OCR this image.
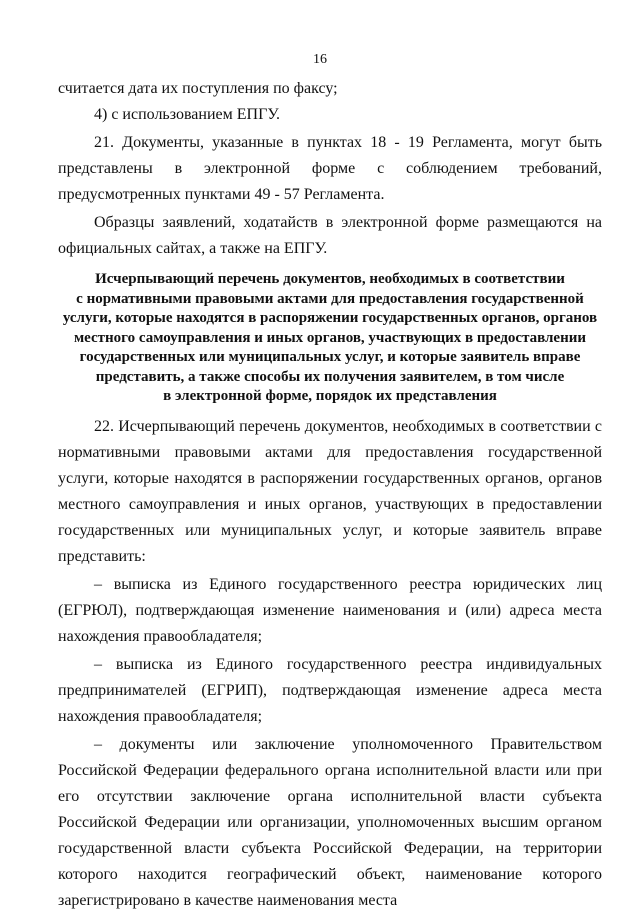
16

считается дата их поступления по факсу;

4) с использованием ЕПГУ.

21. Документы, указанные в пунктах 18 - 19 Регламента, могут быть представлены в электронной форме с соблюдением требований, предусмотренных пунктами 49 - 57 Регламента.

Образцы заявлений, ходатайств в электронной форме размещаются на официальных сайтах, а также на ЕПГУ.

Исчерпывающий перечень документов, необходимых в соответствии
с нормативными правовыми актами для предоставления государственной
услуги, которые находятся в распоряжении государственных органов, органов
местного самоуправления и иных органов, участвующих в предоставлении
государственных или муниципальных услуг, и которые заявитель вправе
представить, а также способы их получения заявителем, в том числе
в электронной форме, порядок их представления

22. Исчерпывающий перечень документов, необходимых в соответствии с нормативными правовыми актами для предоставления государственной услуги, которые находятся в распоряжении государственных органов, органов местного самоуправления и иных органов, участвующих в предоставлении государственных или муниципальных услуг, и которые заявитель вправе представить:

– выписка из Единого государственного реестра юридических лиц (ЕГРЮЛ), подтверждающая изменение наименования и (или) адреса места нахождения правообладателя;

– выписка из Единого государственного реестра индивидуальных предпринимателей (ЕГРИП), подтверждающая изменение адреса места нахождения правообладателя;

– документы или заключение уполномоченного Правительством Российской Федерации федерального органа исполнительной власти или при его отсутствии заключение органа исполнительной власти субъекта Российской Федерации или организации, уполномоченных высшим органом государственной власти субъекта Российской Федерации, на территории которого находится географический объект, наименование которого зарегистрировано в качестве наименования места
